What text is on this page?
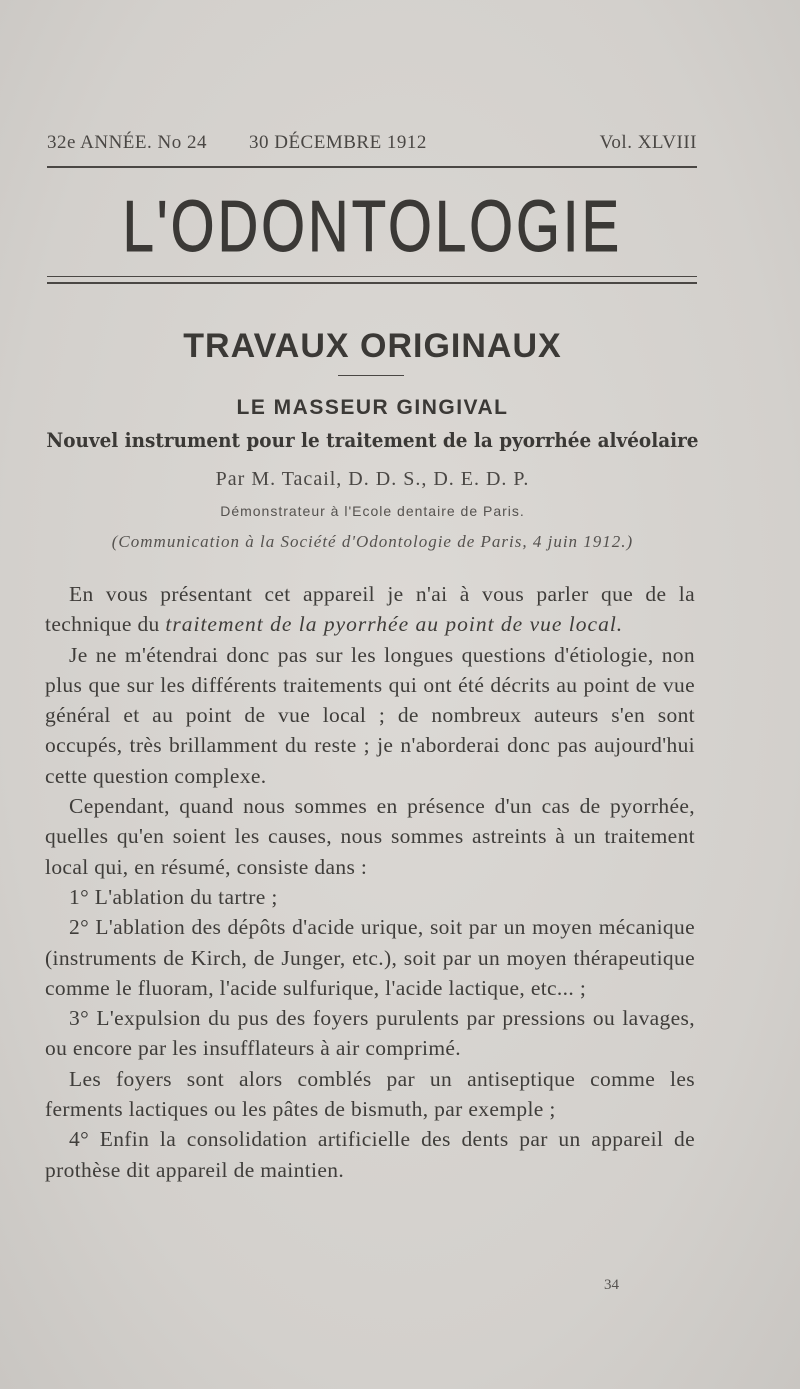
32e ANNÉE. No 24 30 DÉCEMBRE 1912	Vol. XLVIII
L'ODONTOLOGIE
TRAVAUX ORIGINAUX
LE MASSEUR GINGIVAL
Nouvel instrument pour le traitement de la pyorrhée alvéolaire
Par M. Tacail, D. D. S., D. E. D. P.
Démonstrateur à l'Ecole dentaire de Paris.
(Communication à la Société d'Odontologie de Paris, 4 juin 1912.)

En vous présentant cet appareil je n'ai à vous parler que de la technique du traitement de la pyorrhée au point de vue local.

Je ne m'étendrai donc pas sur les longues questions d'étiologie, non plus que sur les différents traitements qui ont été décrits au point de vue général et au point de vue local ; de nombreux auteurs s'en sont occupés, très brillamment du reste ; je n'aborderai donc pas aujourd'hui cette question complexe.

Cependant, quand nous sommes en présence d'un cas de pyorrhée, quelles qu'en soient les causes, nous sommes astreints à un traitement local qui, en résumé, consiste dans :

1° L'ablation du tartre ;

2° L'ablation des dépôts d'acide urique, soit par un moyen mécanique (instruments de Kirch, de Junger, etc.), soit par un moyen thérapeutique comme le fluoram, l'acide sulfurique, l'acide lactique, etc... ;

3° L'expulsion du pus des foyers purulents par pressions ou lavages, ou encore par les insufflateurs à air comprimé.

Les foyers sont alors comblés par un antiseptique comme les ferments lactiques ou les pâtes de bismuth, par exemple ;

4° Enfin la consolidation artificielle des dents par un appareil de prothèse dit appareil de maintien.

34
